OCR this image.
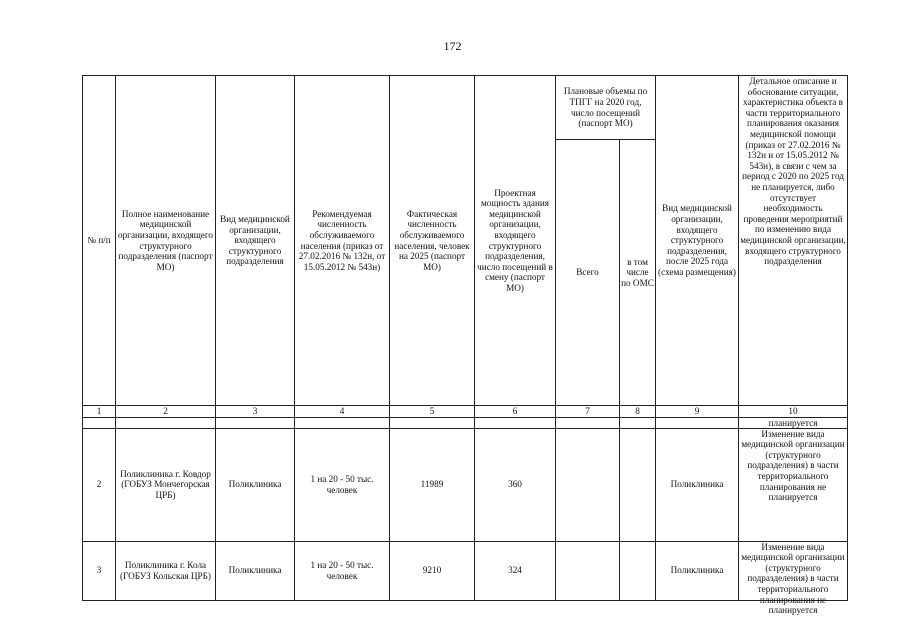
172
№ п/п	Полное наименование медицинской организации, входящего структурного подразделения (паспорт МО)	Вид медицинской организации, входящего структурного подразделения	Рекомендуемая численность обслуживаемого населения (приказ от 27.02.2016 № 132н, от 15.05.2012 № 543н)	Фактическая численность обслуживаемого населения, человек на 2025 (паспорт МО)	Проектная мощность здания медицинской организации, входящего структурного подразделения, число посещений в смену (паспорт МО)	Плановые объемы по ТПГГ на 2020 год, число посещений (паспорт МО)		Вид медицинской организации, входящего структурного подразделения, после 2025 года (схема размещения)	Детальное описание и обоснование ситуации, характеристика объекта в части территориального планирования оказания медицинской помощи (приказ от 27.02.2016 № 132н и от 15.05.2012 № 543н), в связи с чем за период с 2020 по 2025 год не планируется, либо отсутствует необходимость проведения мероприятий по изменению вида медицинской организации, входящего структурного подразделения

						Всего	в том числе по ОМС		
1	2	3	4	5	6	7	8	9	10

									планируется

2	Поликлиника г. Ковдор (ГОБУЗ Мончегорская ЦРБ)	Поликлиника	1 на 20 - 50 тыс. человек	11989	360			Поликлиника	Изменение вида медицинской организации (структурного подразделения) в части территориального планирования не планируется

3	Поликлиника г. Кола (ГОБУЗ Кольская ЦРБ)	Поликлиника	1 на 20 - 50 тыс. человек	9210	324			Поликлиника	Изменение вида медицинской организации (структурного подразделения) в части территориального планирования не планируется
